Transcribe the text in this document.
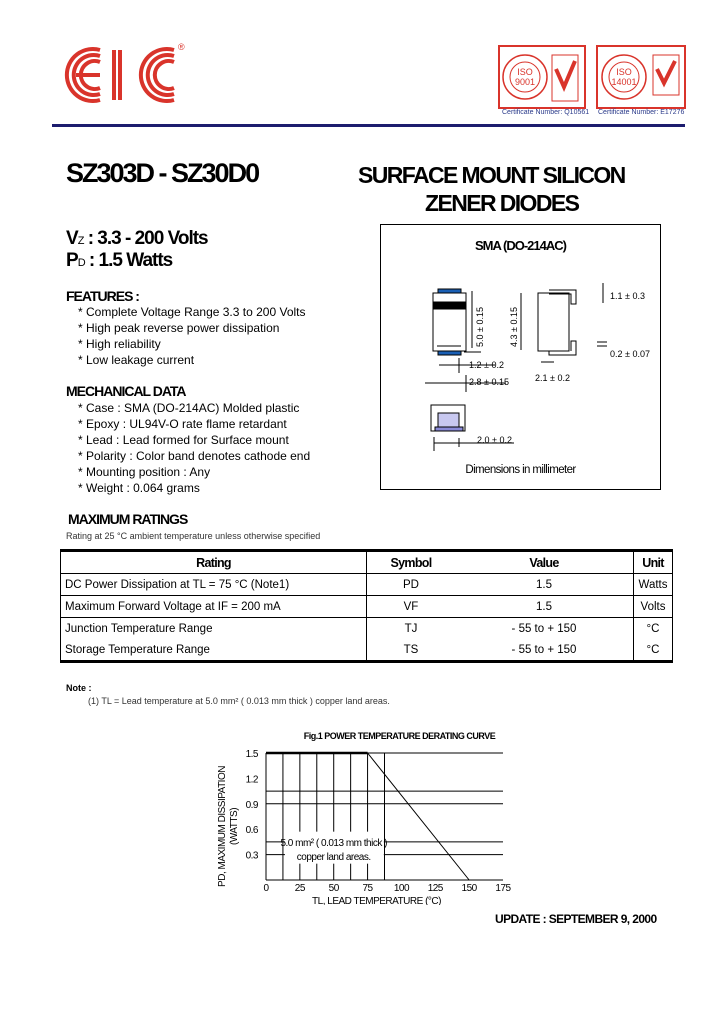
®
ISO 9001
Certificate Number: Q10561
ISO 14001
Certificate Number: E17276
SZ303D - SZ30D0	SURFACE MOUNT SILICON
ZENER DIODES
VZ : 3.3 - 200 Volts
PD : 1.5 Watts
FEATURES :
* Complete Voltage Range 3.3 to 200 Volts
* High peak reverse power dissipation
* High reliability
* Low leakage current
MECHANICAL DATA
* Case : SMA (DO-214AC) Molded plastic
* Epoxy : UL94V-O rate flame retardant
* Lead : Lead formed for Surface mount
* Polarity : Color band denotes cathode end
* Mounting position : Any
* Weight : 0.064 grams
SMA (DO-214AC)
5.0 ± 0.15	4.3 ± 0.15
1.2 ± 0.2
2.8 ± 0.15
1.1 ± 0.3
0.2 ± 0.07
2.1 ± 0.2
2.0 ± 0.2
Dimensions in millimeter
MAXIMUM RATINGS
Rating at 25 °C ambient temperature unless otherwise specified
Rating	Symbol	Value	Unit
DC Power Dissipation at TL = 75 °C (Note1)	PD	1.5	Watts
Maximum Forward Voltage at IF = 200 mA	VF	1.5	Volts
Junction Temperature Range	TJ	- 55 to + 150	°C
Storage Temperature Range	TS	- 55 to + 150	°C
Note :
(1) TL = Lead temperature at 5.0 mm² ( 0.013 mm thick ) copper land areas.
Fig.1 POWER TEMPERATURE DERATING CURVE
0	25 50 75 100 125 150 175
0.3
0.6
0.9
1.2
1.5
5.0 mm² ( 0.013 mm thick )
copper land areas.
TL, LEAD TEMPERATURE (°C)
PD, MAXIMUM DISSIPATION (WATTS)
UPDATE : SEPTEMBER 9, 2000
